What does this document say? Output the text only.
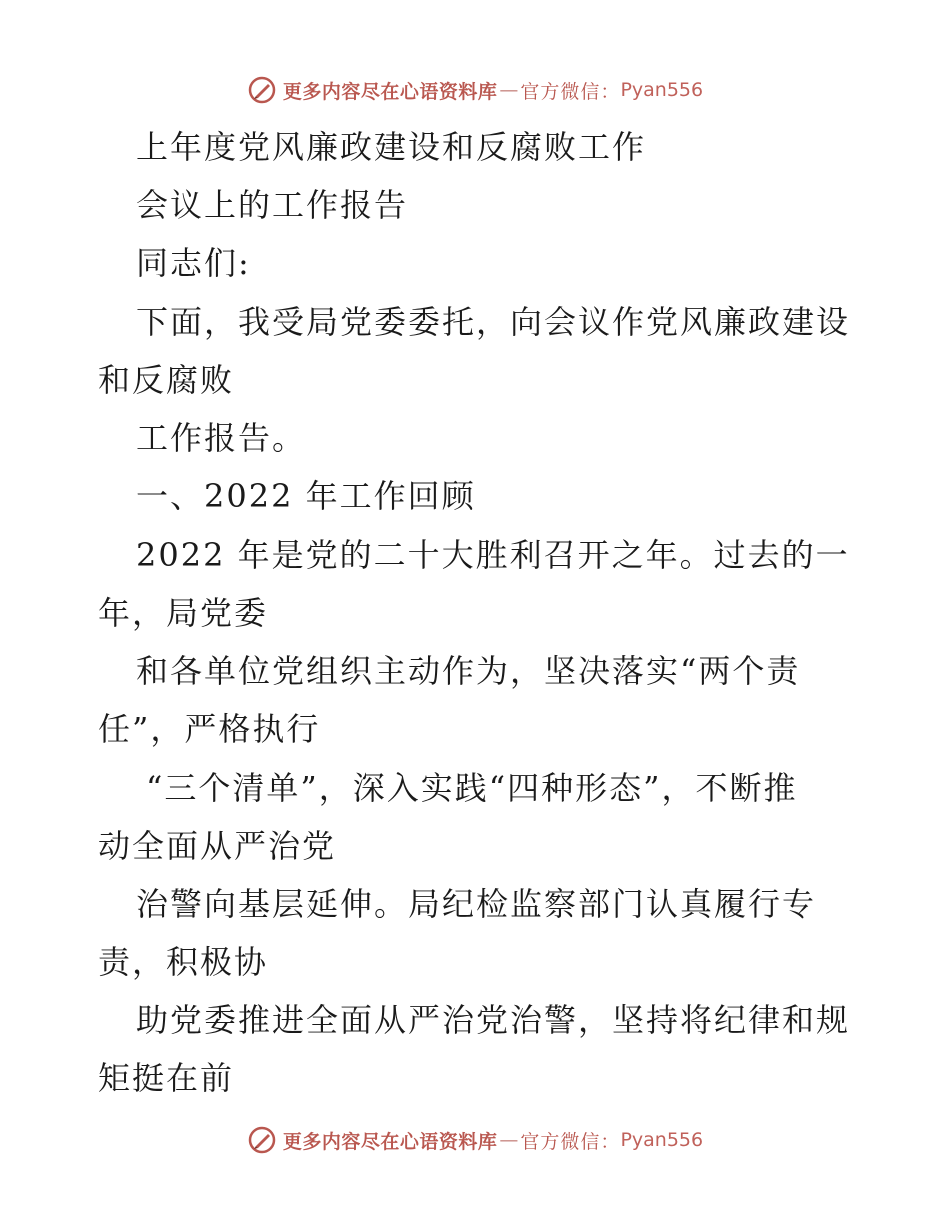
更多内容尽在心语资料库 — 官方微信： Pyan556
上年度党风廉政建设和反腐败工作
会议上的工作报告
同志们:
下面，我受局党委委托，向会议作党风廉政建设
和反腐败
工作报告。
一、2022 年工作回顾
2022 年是党的二十大胜利召开之年。过去的一
年，局党委
和各单位党组织主动作为，坚决落实“两个责
任”，严格执行
“三个清单”，深入实践“四种形态”，不断推
动全面从严治党
治警向基层延伸。局纪检监察部门认真履行专
责，积极协
助党委推进全面从严治党治警，坚持将纪律和规
矩挺在前
更多内容尽在心语资料库 — 官方微信： Pyan556
